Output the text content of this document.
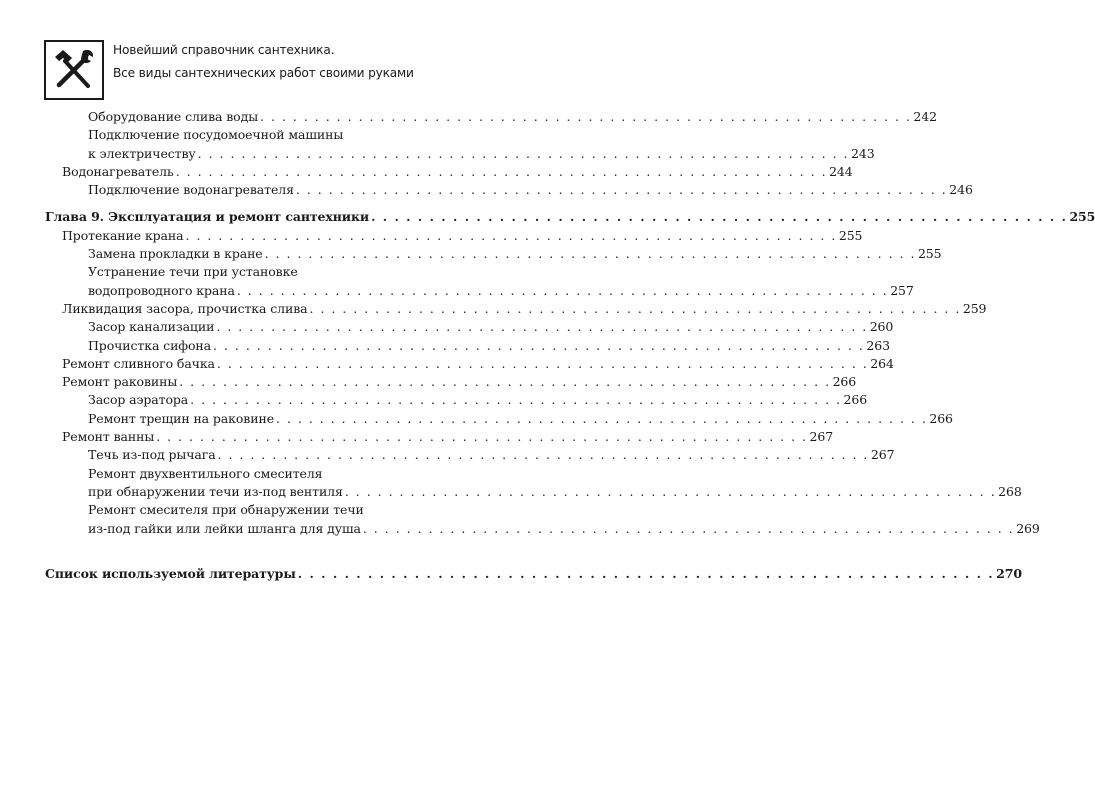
Новейший справочник сантехника.
Все виды сантехнических работ своими руками
Оборудование слива воды . . . . . . . . . . . . . . . . . . . . . . . . . . . . . . . . . . . . . . . . . . . . . . . . . . . . . . . . . . . . 242
Подключение посудомоечной машины
к электричеству . . . . . . . . . . . . . . . . . . . . . . . . . . . . . . . . . . . . . . . . . . . . . . . . . . . . . . . . . . . . 243
Водонагреватель . . . . . . . . . . . . . . . . . . . . . . . . . . . . . . . . . . . . . . . . . . . . . . . . . . . . . . . . . . . . 244
Подключение водонагревателя . . . . . . . . . . . . . . . . . . . . . . . . . . . . . . . . . . . . . . . . . . . . . . . . . . . . . . . . . . . . 246
Глава 9. Эксплуатация и ремонт сантехники . . . . . . . . . . . . . . . . . . . . . . . . . . . . . . . . . . . . . . . . . . . . . . . . . . . . . . . . . . . . 255
Протекание крана . . . . . . . . . . . . . . . . . . . . . . . . . . . . . . . . . . . . . . . . . . . . . . . . . . . . . . . . . . . . 255
Замена прокладки в кране . . . . . . . . . . . . . . . . . . . . . . . . . . . . . . . . . . . . . . . . . . . . . . . . . . . . . . . . . . . . 255
Устранение течи при установке
водопроводного крана . . . . . . . . . . . . . . . . . . . . . . . . . . . . . . . . . . . . . . . . . . . . . . . . . . . . . . . . . . . . 257
Ликвидация засора, прочистка слива . . . . . . . . . . . . . . . . . . . . . . . . . . . . . . . . . . . . . . . . . . . . . . . . . . . . . . . . . . . . 259
Засор канализации . . . . . . . . . . . . . . . . . . . . . . . . . . . . . . . . . . . . . . . . . . . . . . . . . . . . . . . . . . . . 260
Прочистка сифона . . . . . . . . . . . . . . . . . . . . . . . . . . . . . . . . . . . . . . . . . . . . . . . . . . . . . . . . . . . . 263
Ремонт сливного бачка . . . . . . . . . . . . . . . . . . . . . . . . . . . . . . . . . . . . . . . . . . . . . . . . . . . . . . . . . . . . 264
Ремонт раковины . . . . . . . . . . . . . . . . . . . . . . . . . . . . . . . . . . . . . . . . . . . . . . . . . . . . . . . . . . . . 266
Засор аэратора . . . . . . . . . . . . . . . . . . . . . . . . . . . . . . . . . . . . . . . . . . . . . . . . . . . . . . . . . . . . 266
Ремонт трещин на раковине . . . . . . . . . . . . . . . . . . . . . . . . . . . . . . . . . . . . . . . . . . . . . . . . . . . . . . . . . . . . 266
Ремонт ванны . . . . . . . . . . . . . . . . . . . . . . . . . . . . . . . . . . . . . . . . . . . . . . . . . . . . . . . . . . . . 267
Течь из-под рычага . . . . . . . . . . . . . . . . . . . . . . . . . . . . . . . . . . . . . . . . . . . . . . . . . . . . . . . . . . . . 267
Ремонт двухвентильного смесителя
при обнаружении течи из-под вентиля . . . . . . . . . . . . . . . . . . . . . . . . . . . . . . . . . . . . . . . . . . . . . . . . . . . . . . . . . . . . 268
Ремонт смесителя при обнаружении течи
из-под гайки или лейки шланга для душа . . . . . . . . . . . . . . . . . . . . . . . . . . . . . . . . . . . . . . . . . . . . . . . . . . . . . . . . . . . . 269
Список используемой литературы . . . . . . . . . . . . . . . . . . . . . . . . . . . . . . . . . . . . . . . . . . . . . . . . . . . . . . . . . . . . 270
